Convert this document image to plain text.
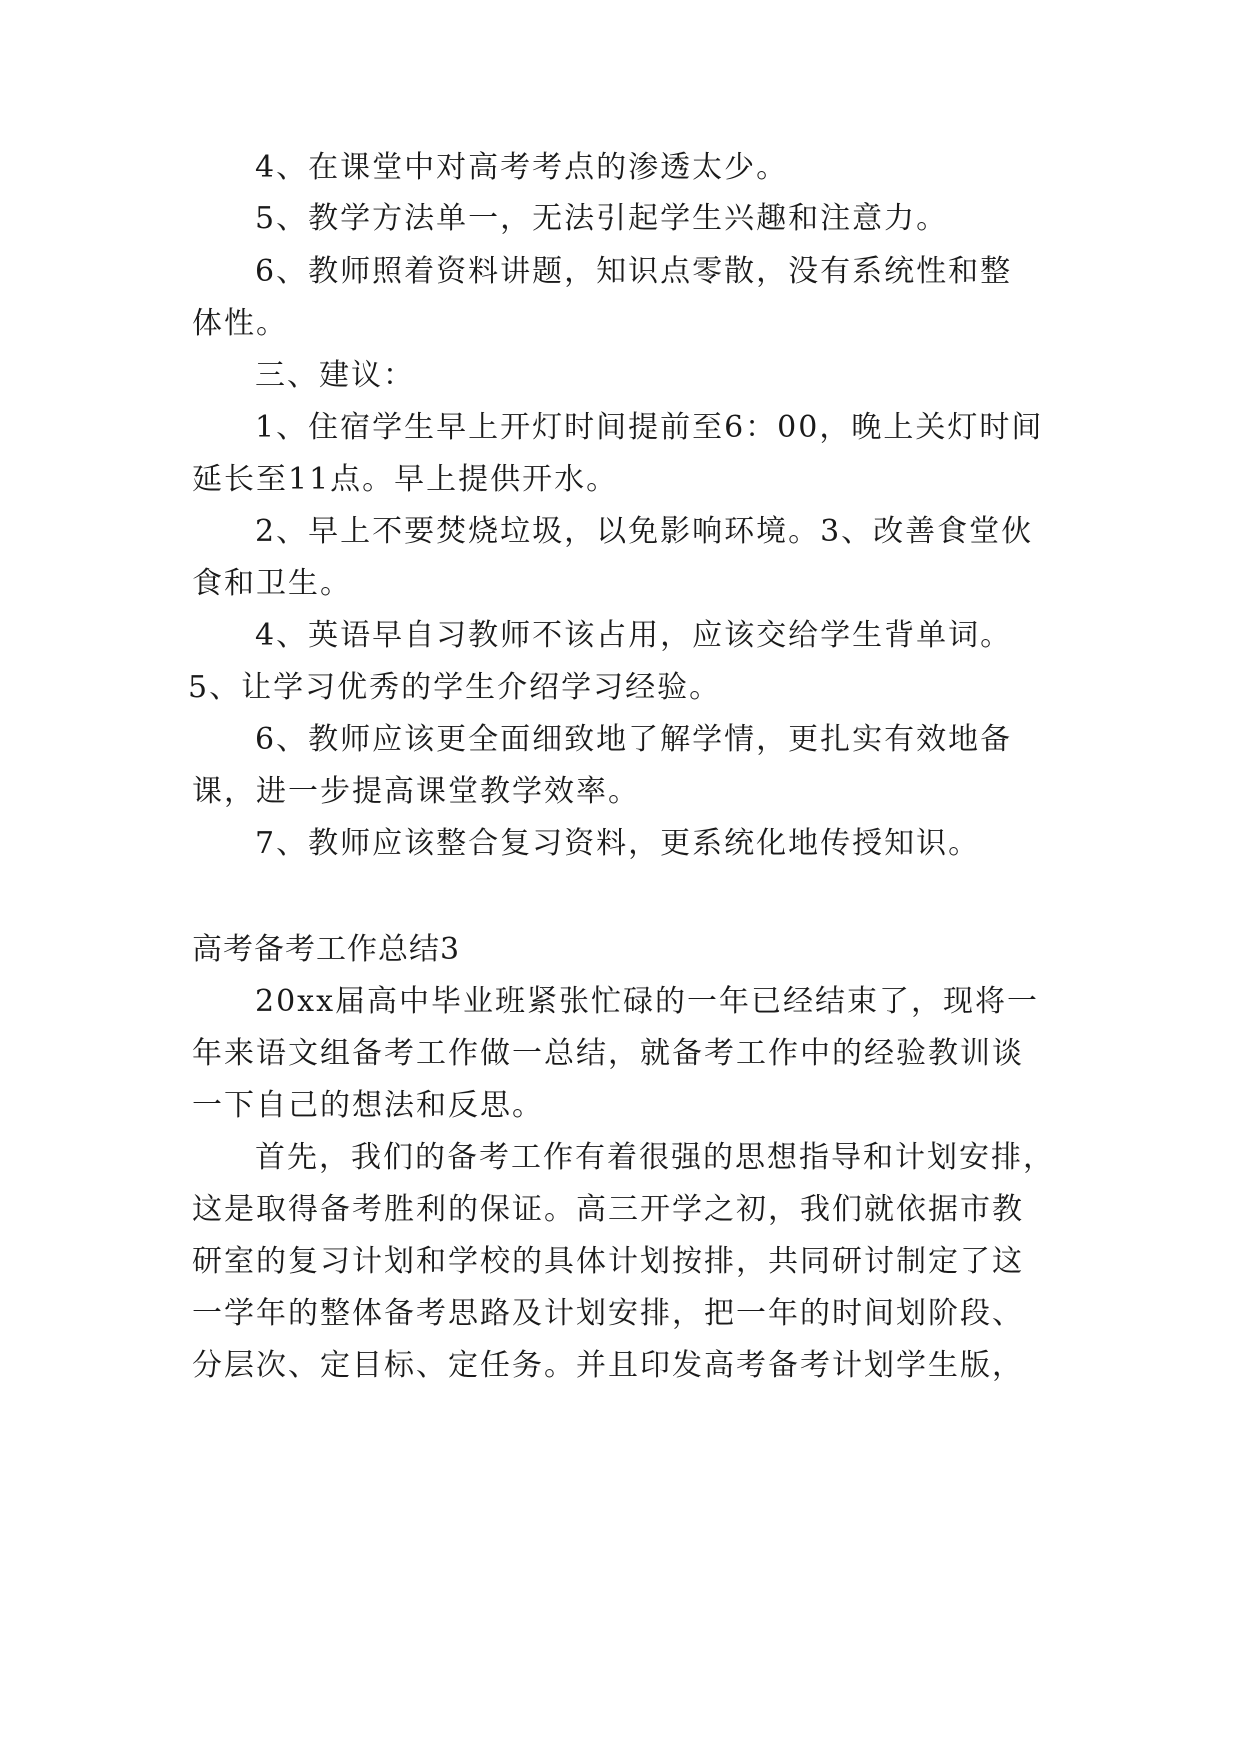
4、在课堂中对高考考点的渗透太少。
5、教学方法单一，无法引起学生兴趣和注意力。
6、教师照着资料讲题，知识点零散，没有系统性和整
体性。
三、建议：
1、住宿学生早上开灯时间提前至6：00，晚上关灯时间
延长至11点。早上提供开水。
2、早上不要焚烧垃圾，以免影响环境。3、改善食堂伙
食和卫生。
4、英语早自习教师不该占用，应该交给学生背单词。
5、让学习优秀的学生介绍学习经验。
6、教师应该更全面细致地了解学情，更扎实有效地备
课，进一步提高课堂教学效率。
7、教师应该整合复习资料，更系统化地传授知识。
高考备考工作总结3
20xx届高中毕业班紧张忙碌的一年已经结束了，现将一
年来语文组备考工作做一总结，就备考工作中的经验教训谈
一下自己的想法和反思。
首先，我们的备考工作有着很强的思想指导和计划安排，
这是取得备考胜利的保证。高三开学之初，我们就依据市教
研室的复习计划和学校的具体计划按排，共同研讨制定了这
一学年的整体备考思路及计划安排，把一年的时间划阶段、
分层次、定目标、定任务。并且印发高考备考计划学生版，
